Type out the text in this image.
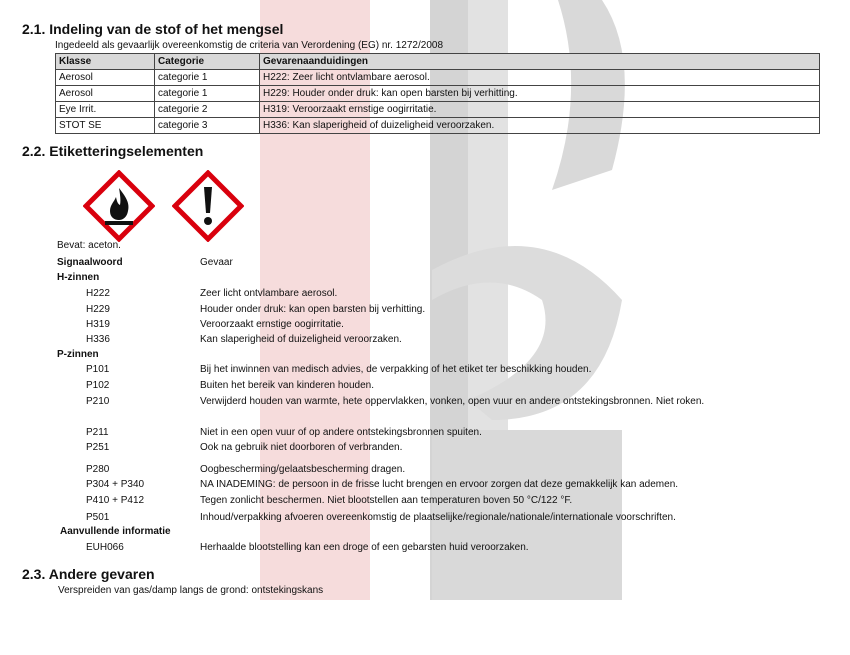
2.1. Indeling van de stof of het mengsel
Ingedeeld als gevaarlijk overeenkomstig de criteria van Verordening (EG) nr. 1272/2008
Klasse	Categorie	Gevarenaanduidingen
Aerosol	categorie 1	H222: Zeer licht ontvlambare aerosol.
Aerosol	categorie 1	H229: Houder onder druk: kan open barsten bij verhitting.
Eye Irrit.	categorie 2	H319: Veroorzaakt ernstige oogirritatie.
STOT SE	categorie 3	H336: Kan slaperigheid of duizeligheid veroorzaken.
2.2. Etiketteringselementen
Bevat: aceton.
Signaalwoord	Gevaar
H-zinnen
H222	Zeer licht ontvlambare aerosol.
H229	Houder onder druk: kan open barsten bij verhitting.
H319	Veroorzaakt ernstige oogirritatie.
H336	Kan slaperigheid of duizeligheid veroorzaken.
P-zinnen
P101	Bij het inwinnen van medisch advies, de verpakking of het etiket ter beschikking houden.
P102	Buiten het bereik van kinderen houden.
P210	Verwijderd houden van warmte, hete oppervlakken, vonken, open vuur en andere ontstekingsbronnen. Niet roken.
P211	Niet in een open vuur of op andere ontstekingsbronnen spuiten.
P251	Ook na gebruik niet doorboren of verbranden.
P280	Oogbescherming/gelaatsbescherming dragen.
P304 + P340	NA INADEMING: de persoon in de frisse lucht brengen en ervoor zorgen dat deze gemakkelijk kan ademen.
P410 + P412	Tegen zonlicht beschermen. Niet blootstellen aan temperaturen boven 50 °C/122 °F.
P501	Inhoud/verpakking afvoeren overeenkomstig de plaatselijke/regionale/nationale/internationale voorschriften.
Aanvullende informatie
EUH066	Herhaalde blootstelling kan een droge of een gebarsten huid veroorzaken.
2.3. Andere gevaren
Verspreiden van gas/damp langs de grond: ontstekingskans
